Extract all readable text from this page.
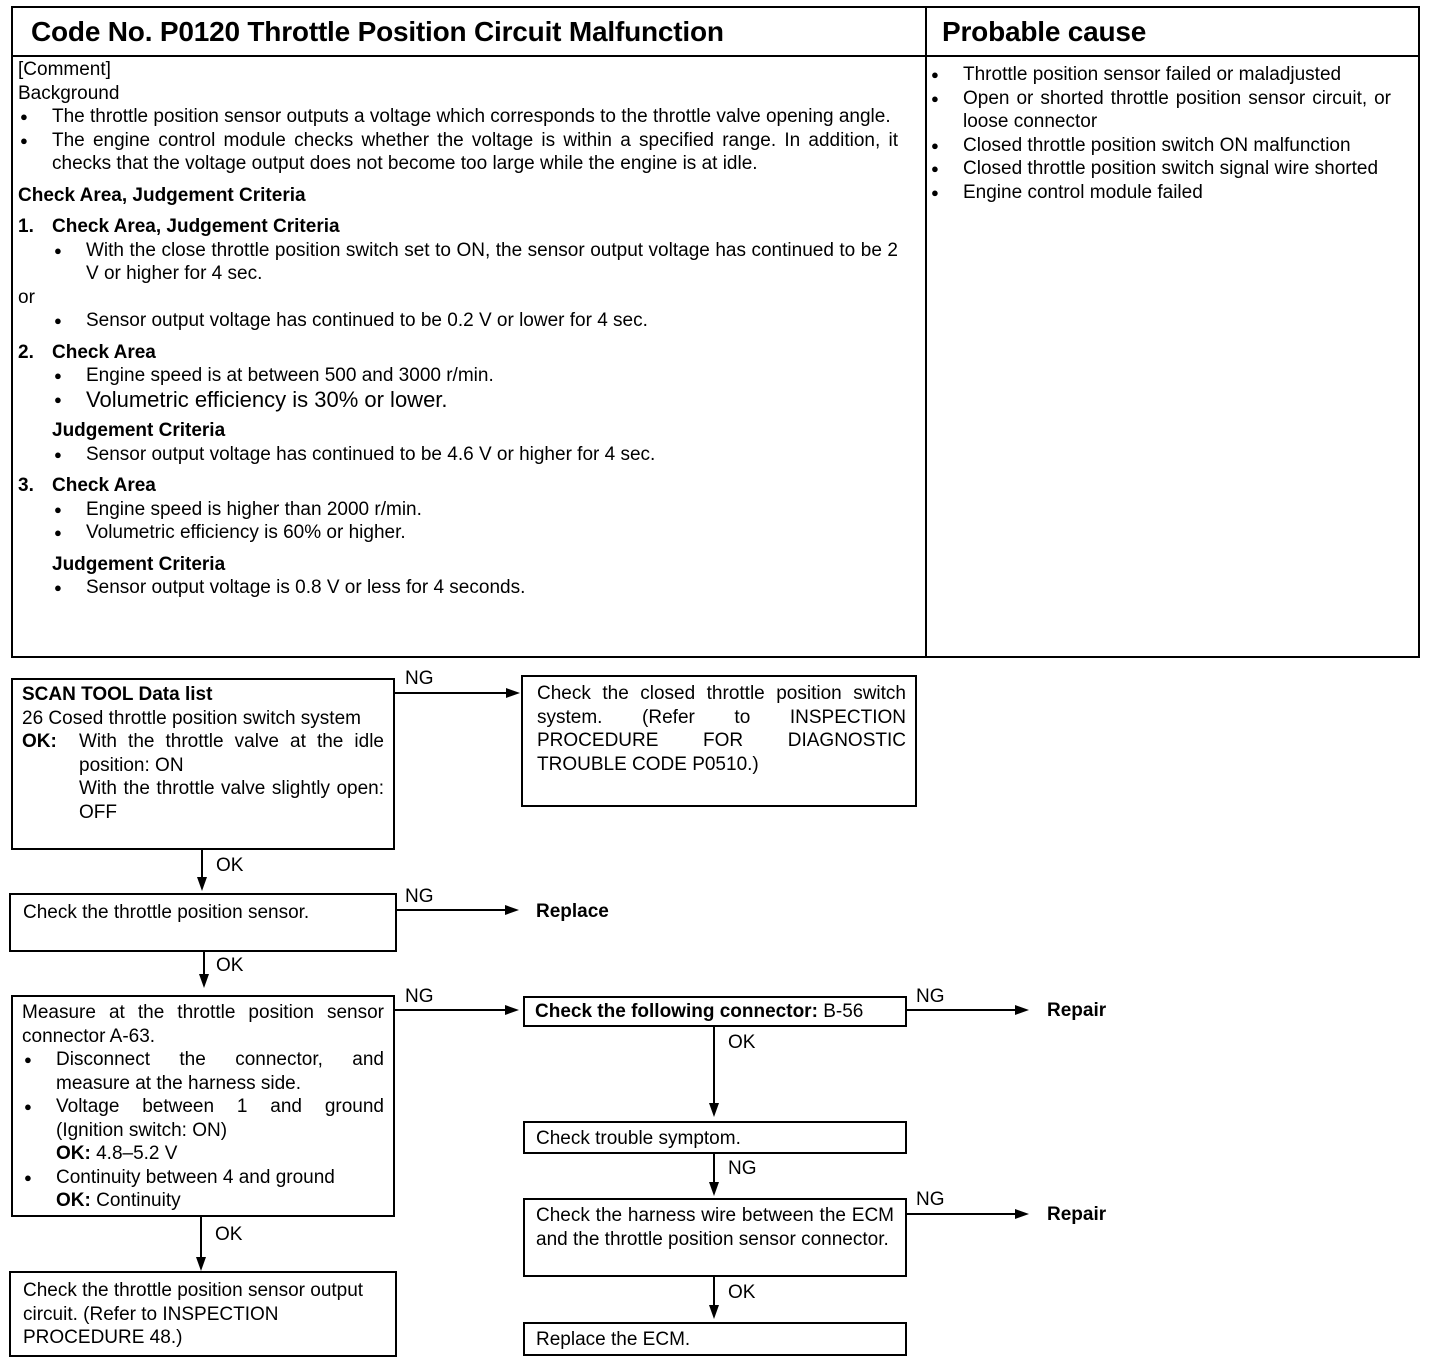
Code No. P0120 Throttle Position Circuit Malfunction	Probable cause
[Comment]
Background
● The throttle position sensor outputs a voltage which corresponds to the throttle valve opening angle.
● The engine control module checks whether the voltage is within a specified range. In addition, it checks that the voltage output does not become too large while the engine is at idle.
Check Area, Judgement Criteria
1. Check Area, Judgement Criteria
● With the close throttle position switch set to ON, the sensor output voltage has continued to be 2 V or higher for 4 sec.
or
● Sensor output voltage has continued to be 0.2 V or lower for 4 sec.
2. Check Area
● Engine speed is at between 500 and 3000 r/min.
● Volumetric efficiency is 30% or lower.
Judgement Criteria
● Sensor output voltage has continued to be 4.6 V or higher for 4 sec.
3. Check Area
● Engine speed is higher than 2000 r/min.
● Volumetric efficiency is 60% or higher.
Judgement Criteria
● Sensor output voltage is 0.8 V or less for 4 seconds.
● Throttle position sensor failed or maladjusted
● Open or shorted throttle position sensor circuit, or loose connector
● Closed throttle position switch ON malfunction
● Closed throttle position switch signal wire shorted
● Engine control module failed
SCAN TOOL Data list
26 Cosed throttle position switch system
OK:	With the throttle valve at the idle position: ON
With the throttle valve slightly open: OFF
NG
Check the closed throttle position switch system. (Refer to INSPECTION PROCEDURE FOR DIAGNOSTIC TROUBLE CODE P0510.)
OK
Check the throttle position sensor.
NG
Replace
OK
Measure at the throttle position sensor connector A-63.
● Disconnect the connector, and measure at the harness side.
● Voltage between 1 and ground (Ignition switch: ON)
OK: 4.8–5.2 V
● Continuity between 4 and ground
OK: Continuity
NG
Check the following connector: B-56
NG
Repair
OK
Check trouble symptom.
NG
Check the harness wire between the ECM and the throttle position sensor connector.
NG
Repair
OK
Replace the ECM.
OK
Check the throttle position sensor output circuit. (Refer to INSPECTION PROCEDURE 48.)
